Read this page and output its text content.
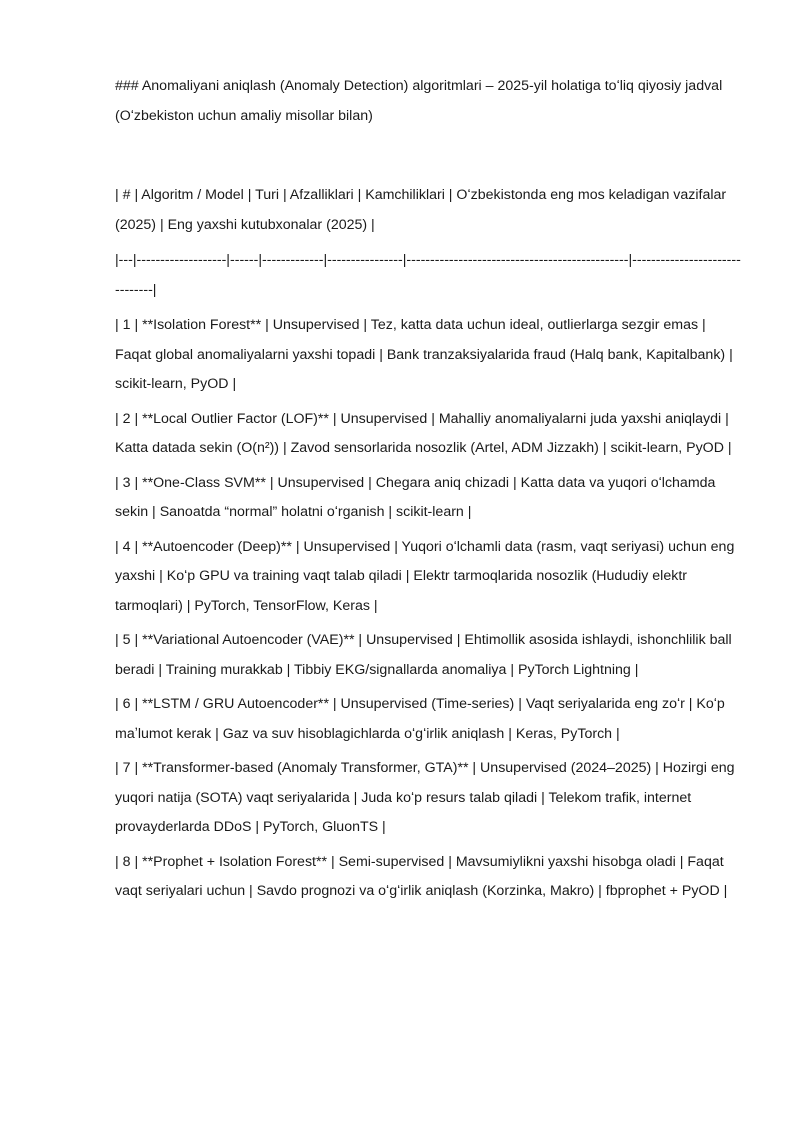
### Anomaliyani aniqlash (Anomaly Detection) algoritmlari – 2025-yil holatiga toʻliq qiyosiy jadval (Oʻzbekiston uchun amaliy misollar bilan)

| # | Algoritm / Model | Turi | Afzalliklari | Kamchiliklari | Oʻzbekistonda eng mos keladigan vazifalar (2025) | Eng yaxshi kutubxonalar (2025) |

|---|-------------------|------|-------------|----------------|-----------------------------------------------|-------------------------------|

| 1 | **Isolation Forest** | Unsupervised | Tez, katta data uchun ideal, outlierlarga sezgir emas | Faqat global anomaliyalarni yaxshi topadi | Bank tranzaksiyalarida fraud (Halq bank, Kapitalbank) | scikit-learn, PyOD |

| 2 | **Local Outlier Factor (LOF)** | Unsupervised | Mahalliy anomaliyalarni juda yaxshi aniqlaydi | Katta datada sekin (O(n²)) | Zavod sensorlarida nosozlik (Artel, ADM Jizzakh) | scikit-learn, PyOD |

| 3 | **One-Class SVM** | Unsupervised | Chegara aniq chizadi | Katta data va yuqori oʻlchamda sekin | Sanoatda “normal” holatni oʻrganish | scikit-learn |

| 4 | **Autoencoder (Deep)** | Unsupervised | Yuqori oʻlchamli data (rasm, vaqt seriyasi) uchun eng yaxshi | Koʻp GPU va training vaqt talab qiladi | Elektr tarmoqlarida nosozlik (Hududiy elektr tarmoqlari) | PyTorch, TensorFlow, Keras |

| 5 | **Variational Autoencoder (VAE)** | Unsupervised | Ehtimollik asosida ishlaydi, ishonchlilik ball beradi | Training murakkab | Tibbiy EKG/signallarda anomaliya | PyTorch Lightning |

| 6 | **LSTM / GRU Autoencoder** | Unsupervised (Time-series) | Vaqt seriyalarida eng zoʻr | Koʻp maʼlumot kerak | Gaz va suv hisoblagichlarda oʻgʻirlik aniqlash | Keras, PyTorch |

| 7 | **Transformer-based (Anomaly Transformer, GTA)** | Unsupervised (2024–2025) | Hozirgi eng yuqori natija (SOTA) vaqt seriyalarida | Juda koʻp resurs talab qiladi | Telekom trafik, internet provayderlarda DDoS | PyTorch, GluonTS |

| 8 | **Prophet + Isolation Forest** | Semi-supervised | Mavsumiylikni yaxshi hisobga oladi | Faqat vaqt seriyalari uchun | Savdo prognozi va oʻgʻirlik aniqlash (Korzinka, Makro) | fbprophet + PyOD |
